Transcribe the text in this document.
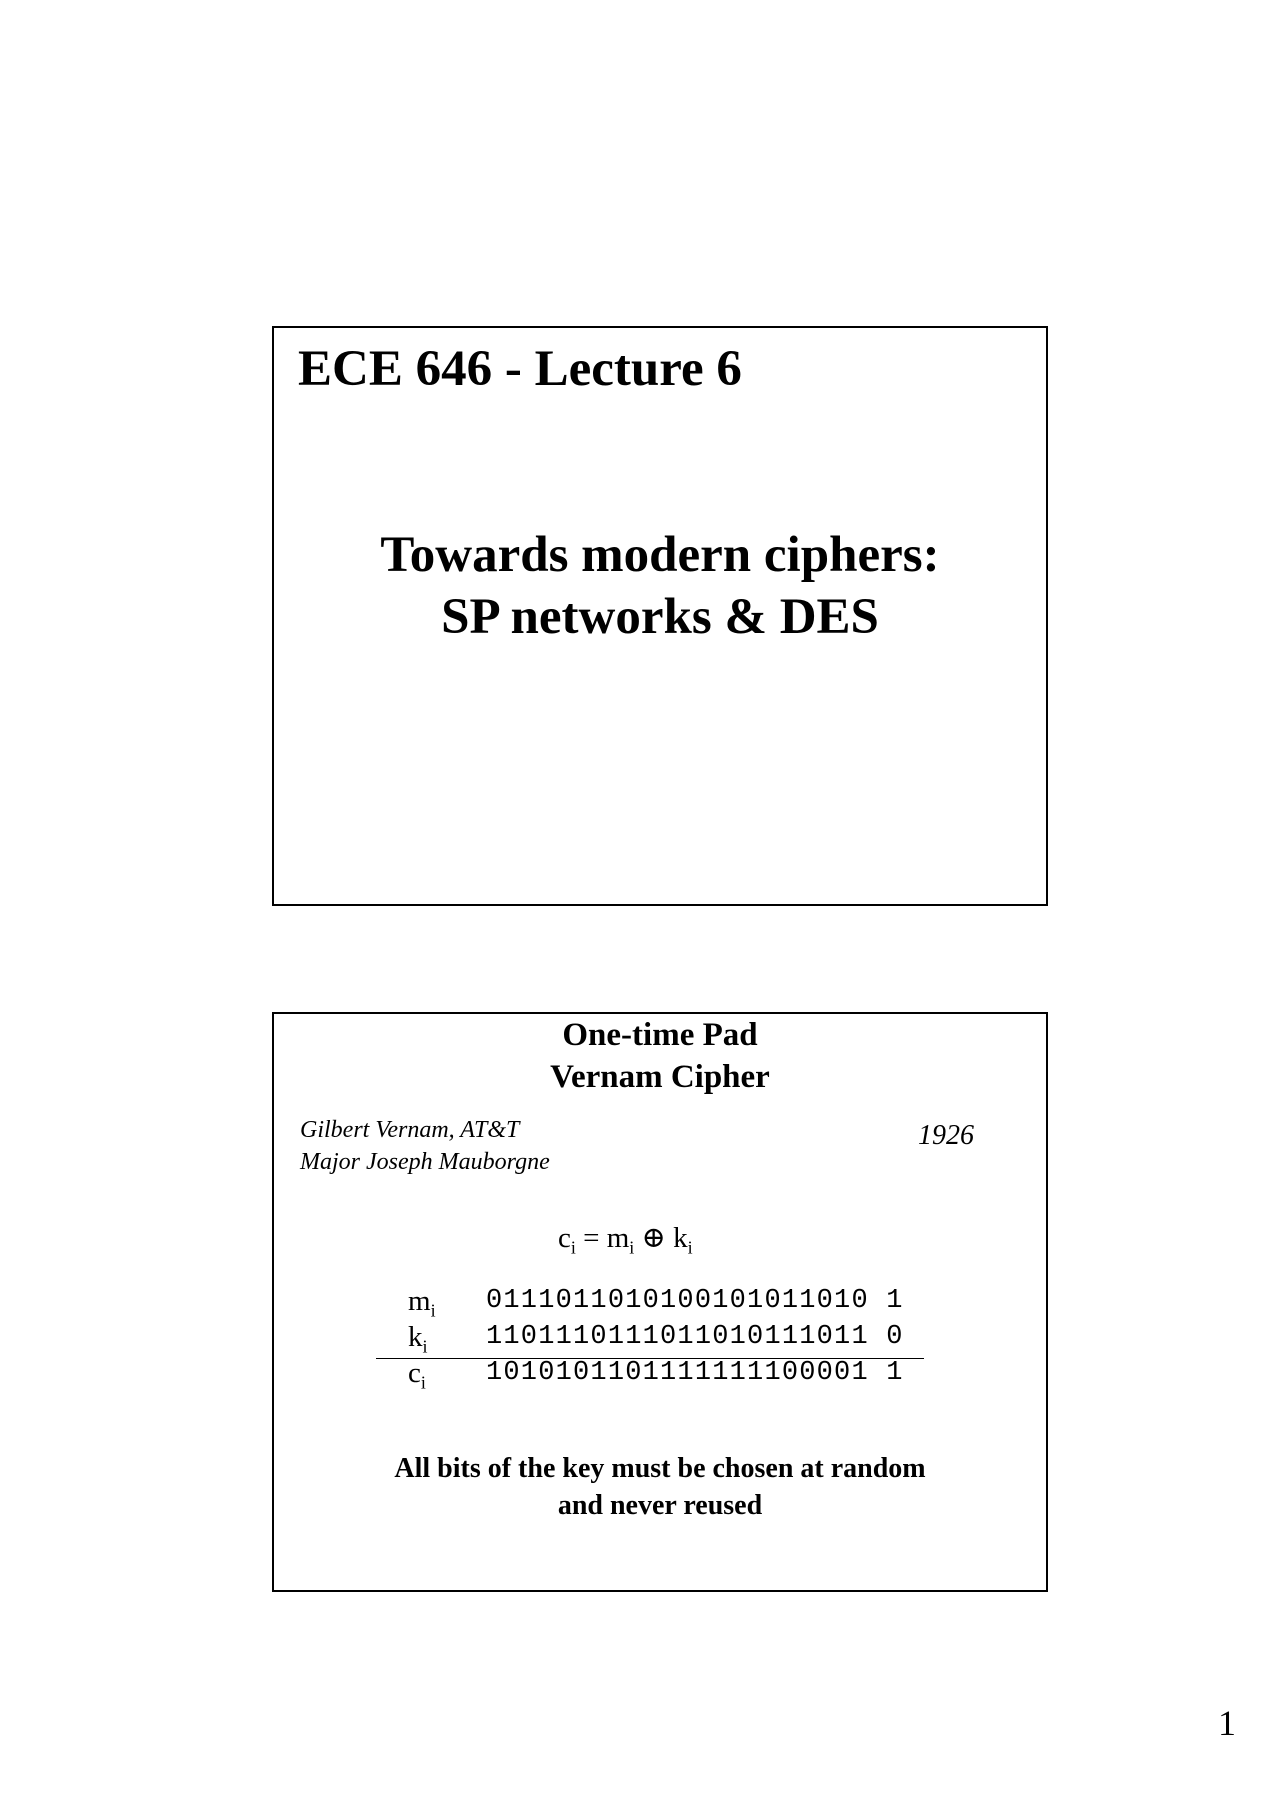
ECE 646 - Lecture 6
Towards modern ciphers:
SP networks & DES
One-time Pad
Vernam Cipher
Gilbert Vernam, AT&T
Major Joseph Mauborgne
1926
$c_i = m_i$ ⊕ $k_i$
$m_i$ 0111011010100101011010 1
$k_i$ 1101110111011010111011 0
$c_i$ 1010101101111111100001 1
All bits of the key must be chosen at random
and never reused
1
